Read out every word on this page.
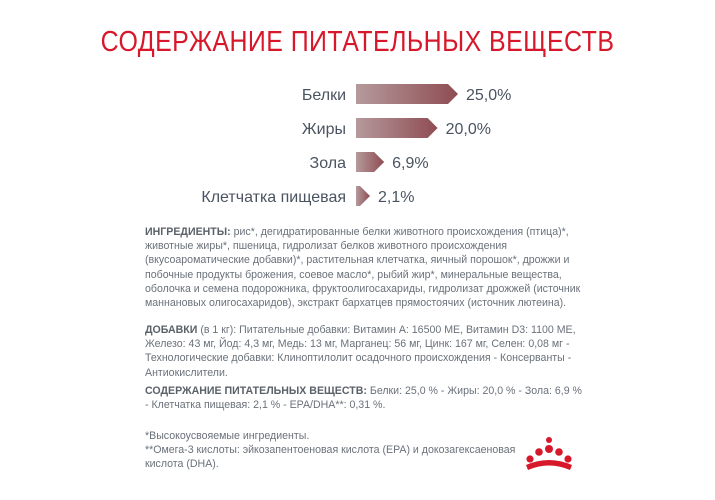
СОДЕРЖАНИЕ ПИТАТЕЛЬНЫХ ВЕЩЕСТВ
Белки	25,0%
Жиры	20,0%
Зола	6,9%
Клетчатка пищевая 2,1%
ИНГРЕДИЕНТЫ: рис*, дегидратированные белки животного происхождения (птица)*, животные жиры*, пшеница, гидролизат белков животного происхождения (вкусоароматические добавки)*, растительная клетчатка, яичный порошок*, дрожжи и побочные продукты брожения, соевое масло*, рыбий жир*, минеральные вещества, оболочка и семена подорожника, фруктоолигосахариды, гидролизат дрожжей (источник маннановых олигосахаридов), экстракт бархатцев прямостоячих (источник лютеина).
ДОБАВКИ (в 1 кг): Питательные добавки: Витамин А: 16500 МЕ, Витамин D3: 1100 МЕ, Железо: 43 мг, Йод: 4,3 мг, Медь: 13 мг, Марганец: 56 мг, Цинк: 167 мг, Селен: 0,08 мг - Технологические добавки: Клиноптилолит осадочного происхождения - Консерванты - Антиокислители.
СОДЕРЖАНИЕ ПИТАТЕЛЬНЫХ ВЕЩЕСТВ: Белки: 25,0 % - Жиры: 20,0 % - Зола: 6,9 % - Клетчатка пищевая: 2,1 % - EPA/DHA**: 0,31 %.
*Высокоусвояемые ингредиенты.
**Омега-3 кислоты: эйкозапентоеновая кислота (EPA) и докозагексаеновая кислота (DHA).
